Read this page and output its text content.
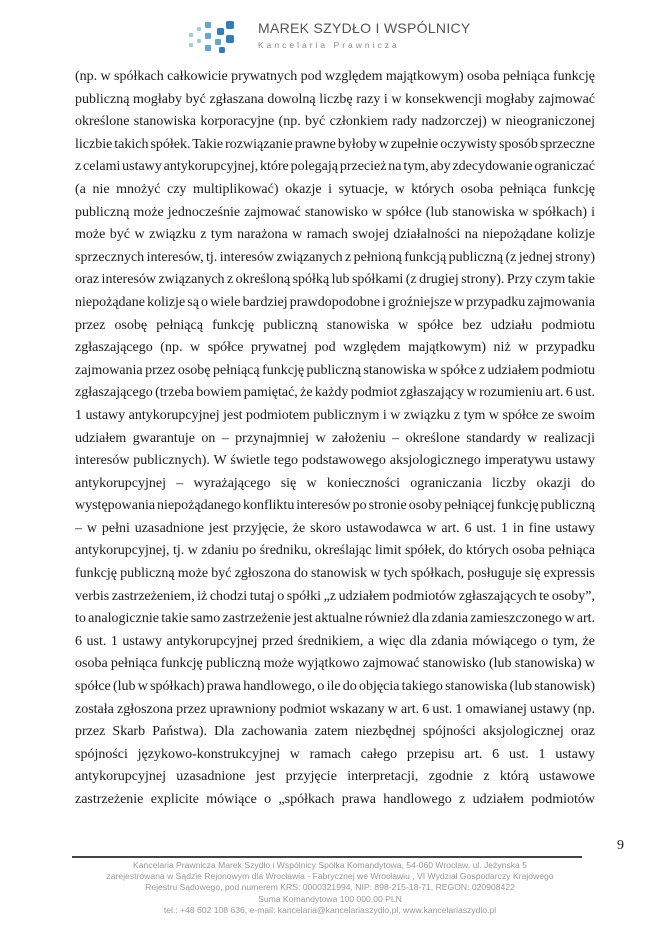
MAREK SZYDŁO I WSPÓLNICY
Kancelaria Prawnicza
(np. w spółkach całkowicie prywatnych pod względem majątkowym) osoba pełniąca funkcję
publiczną mogłaby być zgłaszana dowolną liczbę razy i w konsekwencji mogłaby zajmować
określone stanowiska korporacyjne (np. być członkiem rady nadzorczej) w nieograniczonej
liczbie takich spółek. Takie rozwiązanie prawne byłoby w zupełnie oczywisty sposób sprzeczne
z celami ustawy antykorupcyjnej, które polegają przecież na tym, aby zdecydowanie ograniczać
(a nie mnożyć czy multiplikować) okazje i sytuacje, w których osoba pełniąca funkcję
publiczną może jednocześnie zajmować stanowisko w spółce (lub stanowiska w spółkach) i
może być w związku z tym narażona w ramach swojej działalności na niepożądane kolizje
sprzecznych interesów, tj. interesów związanych z pełnioną funkcją publiczną (z jednej strony)
oraz interesów związanych z określoną spółką lub spółkami (z drugiej strony). Przy czym takie
niepożądane kolizje są o wiele bardziej prawdopodobne i groźniejsze w przypadku zajmowania
przez osobę pełniącą funkcję publiczną stanowiska w spółce bez udziału podmiotu
zgłaszającego (np. w spółce prywatnej pod względem majątkowym) niż w przypadku
zajmowania przez osobę pełniącą funkcję publiczną stanowiska w spółce z udziałem podmiotu
zgłaszającego (trzeba bowiem pamiętać, że każdy podmiot zgłaszający w rozumieniu art. 6 ust.
1 ustawy antykorupcyjnej jest podmiotem publicznym i w związku z tym w spółce ze swoim
udziałem gwarantuje on – przynajmniej w założeniu – określone standardy w realizacji
interesów publicznych). W świetle tego podstawowego aksjologicznego imperatywu ustawy
antykorupcyjnej – wyrażającego się w konieczności ograniczania liczby okazji do
występowania niepożądanego konfliktu interesów po stronie osoby pełniącej funkcję publiczną
– w pełni uzasadnione jest przyjęcie, że skoro ustawodawca w art. 6 ust. 1 in fine ustawy
antykorupcyjnej, tj. w zdaniu po średniku, określając limit spółek, do których osoba pełniąca
funkcję publiczną może być zgłoszona do stanowisk w tych spółkach, posługuje się expressis
verbis zastrzeżeniem, iż chodzi tutaj o spółki „z udziałem podmiotów zgłaszających te osoby”,
to analogicznie takie samo zastrzeżenie jest aktualne również dla zdania zamieszczonego w art.
6 ust. 1 ustawy antykorupcyjnej przed średnikiem, a więc dla zdania mówiącego o tym, że
osoba pełniąca funkcję publiczną może wyjątkowo zajmować stanowisko (lub stanowiska) w
spółce (lub w spółkach) prawa handlowego, o ile do objęcia takiego stanowiska (lub stanowisk)
została zgłoszona przez uprawniony podmiot wskazany w art. 6 ust. 1 omawianej ustawy (np.
przez Skarb Państwa). Dla zachowania zatem niezbędnej spójności aksjologicznej oraz
spójności językowo-konstrukcyjnej w ramach całego przepisu art. 6 ust. 1 ustawy
antykorupcyjnej uzasadnione jest przyjęcie interpretacji, zgodnie z którą ustawowe
zastrzeżenie explicite mówiące o „spółkach prawa handlowego z udziałem podmiotów
9
Kancelaria Prawnicza Marek Szydło i Wspólnicy Spółka Komandytowa, 54-060 Wrocław, ul. Jeżynska 5
zarejestrowana w Sądzie Rejonowym dla Wrocławia - Fabrycznej we Wrocławiu , VI Wydział Gospodarczy Krajowego
Rejestru Sądowego, pod numerem KRS: 0000321994, NIP: 898-215-18-71, REGON: 020908422
Suma Komandytowa 100 000,00 PLN
tel.: +48 602 108 636, e-mail: kancelaria@kancelariaszydlo.pl, www.kancelariaszydlo.pl
